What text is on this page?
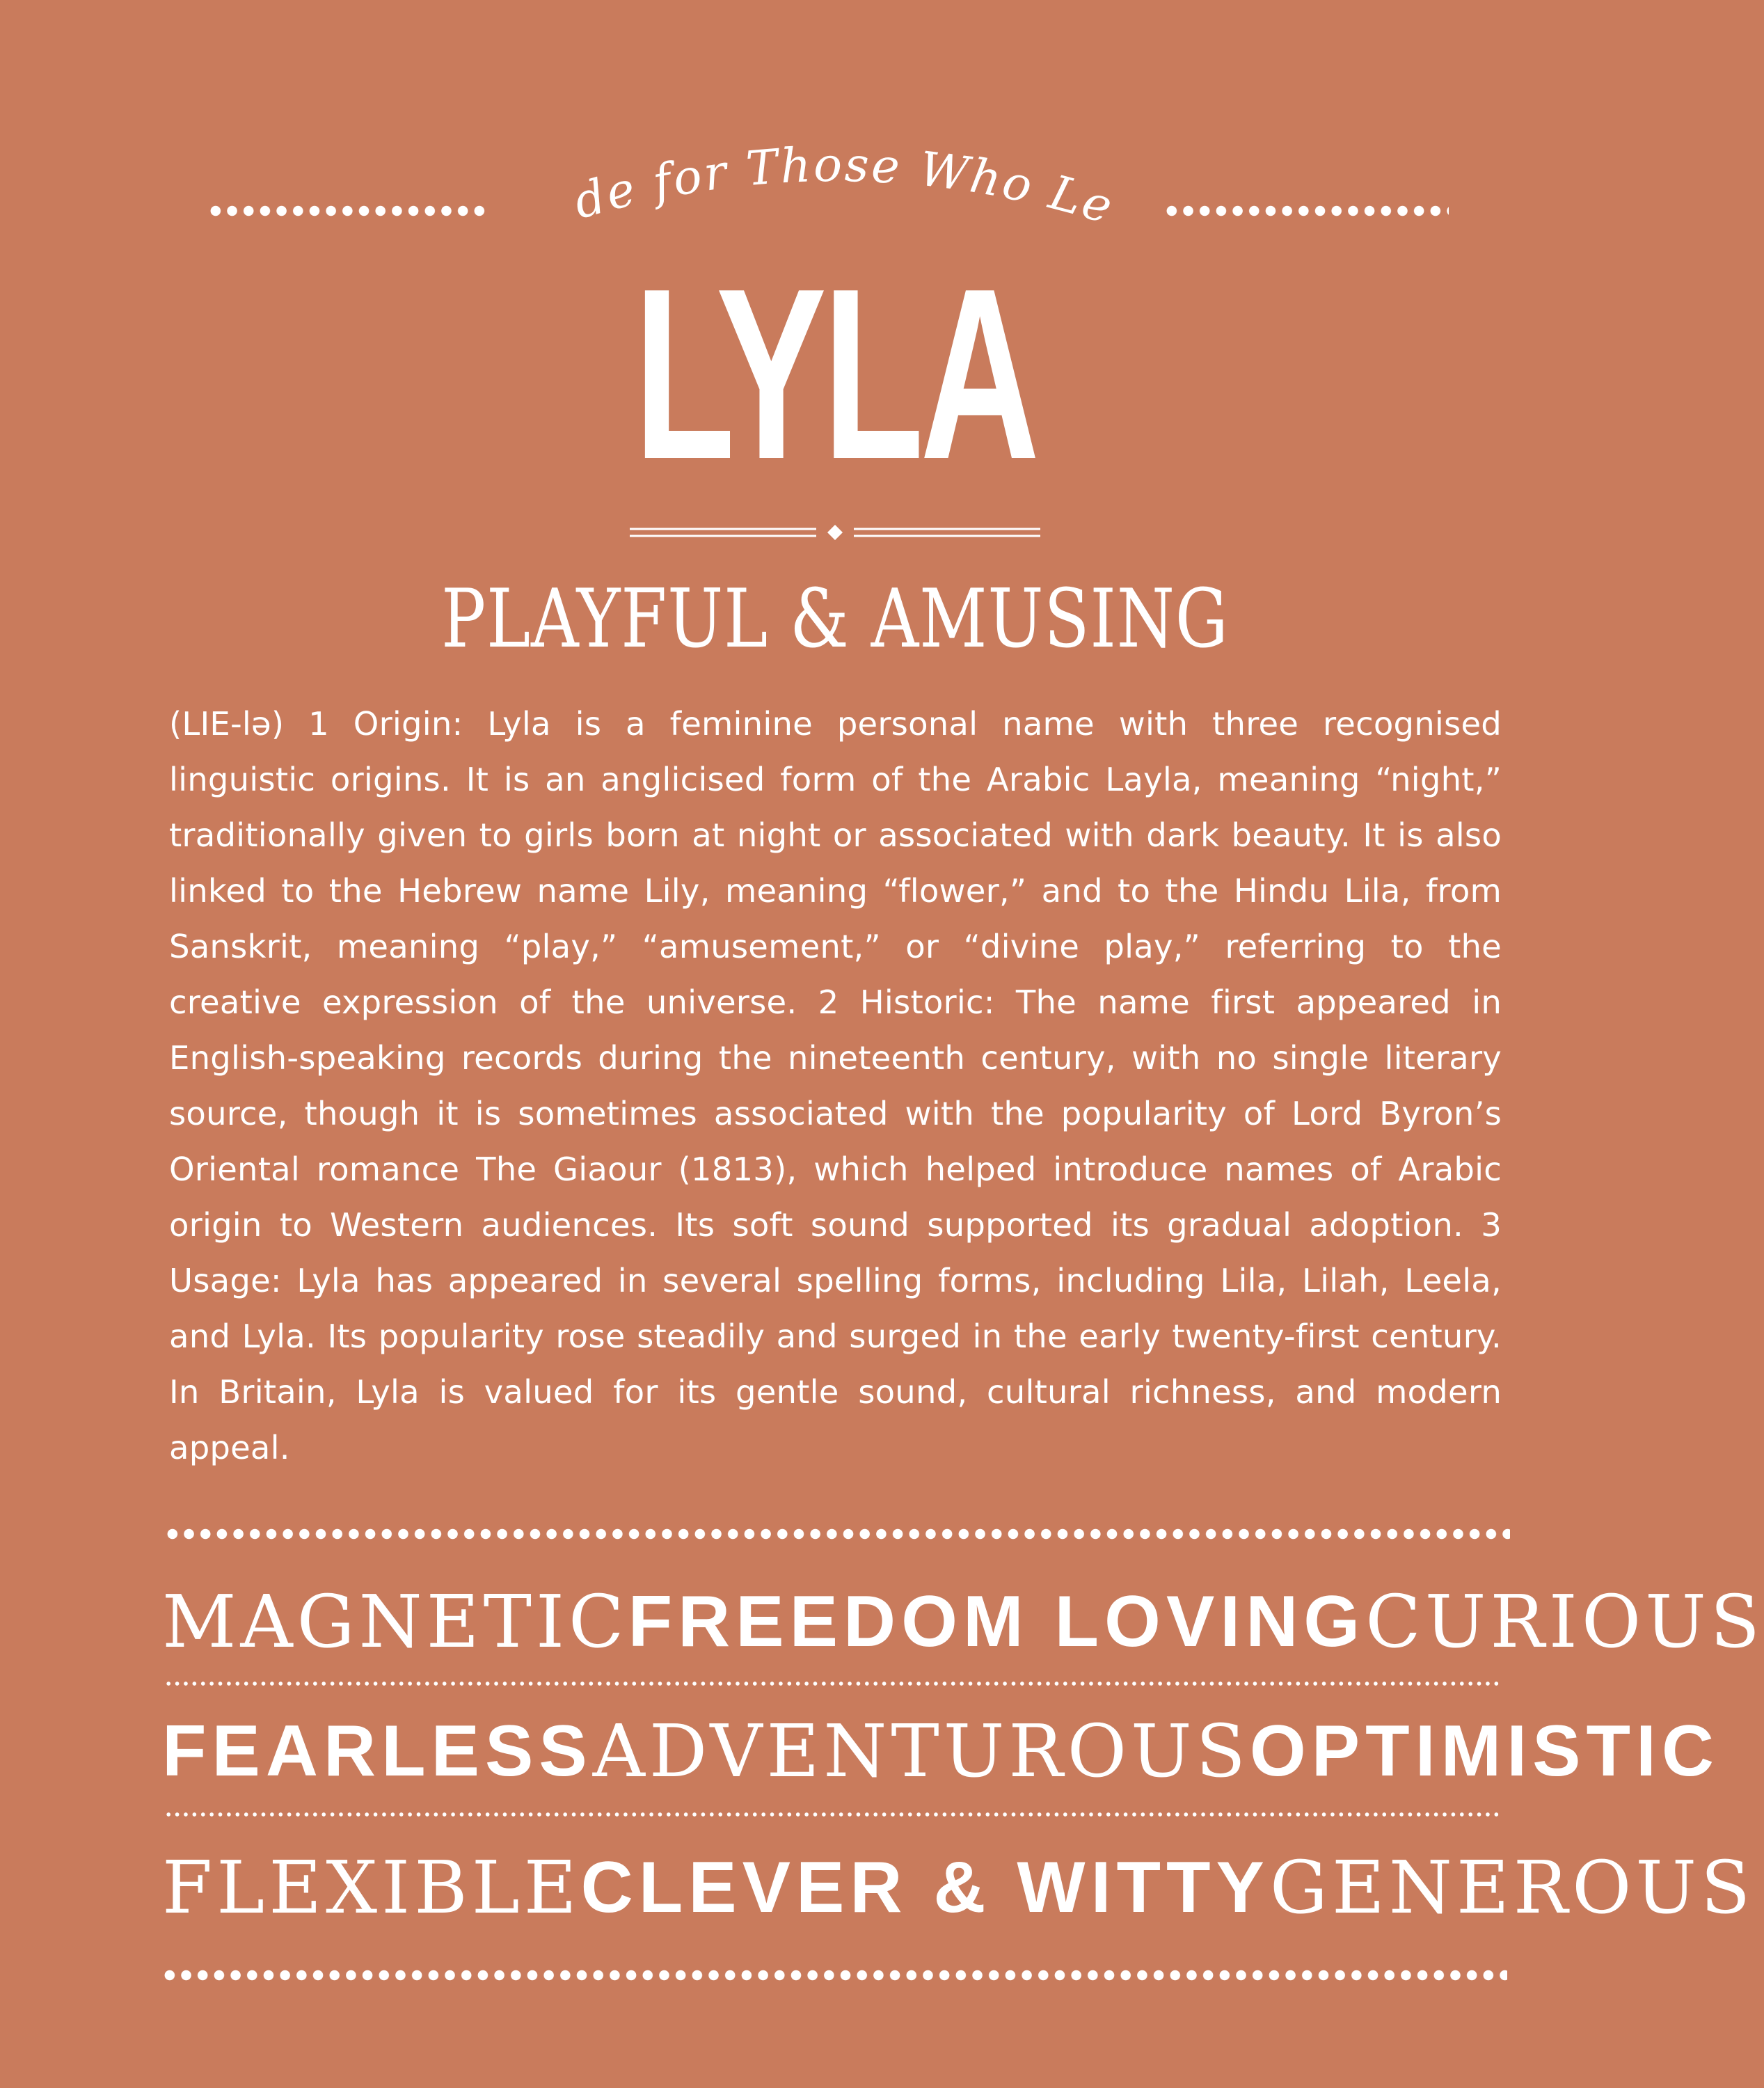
Made for Those Who Lead
LYLA
PLAYFUL & AMUSING
(LIE-lə) 1 Origin: Lyla is a feminine personal name with three recognised linguistic origins. It is an anglicised form of the Arabic Layla, meaning “night,” traditionally given to girls born at night or associated with dark beauty. It is also linked to the Hebrew name Lily, meaning “flower,” and to the Hindu Lila, from Sanskrit, meaning “play,” “amusement,” or “divine play,” referring to the creative expression of the universe. 2 Historic: The name first appeared in English-speaking records during the nineteenth century, with no single literary source, though it is sometimes associated with the popularity of Lord Byron’s Oriental romance The Giaour (1813), which helped introduce names of Arabic origin to Western audiences. Its soft sound supported its gradual adoption. 3 Usage: Lyla has appeared in several spelling forms, including Lila, Lilah, Leela, and Lyla. Its popularity rose steadily and surged in the early twenty-first century. In Britain, Lyla is valued for its gentle sound, cultural richness, and modern appeal.
MAGNETIC FREEDOM LOVING CURIOUS
FEARLESS ADVENTUROUS OPTIMISTIC
FLEXIBLE CLEVER & WITTY GENEROUS
